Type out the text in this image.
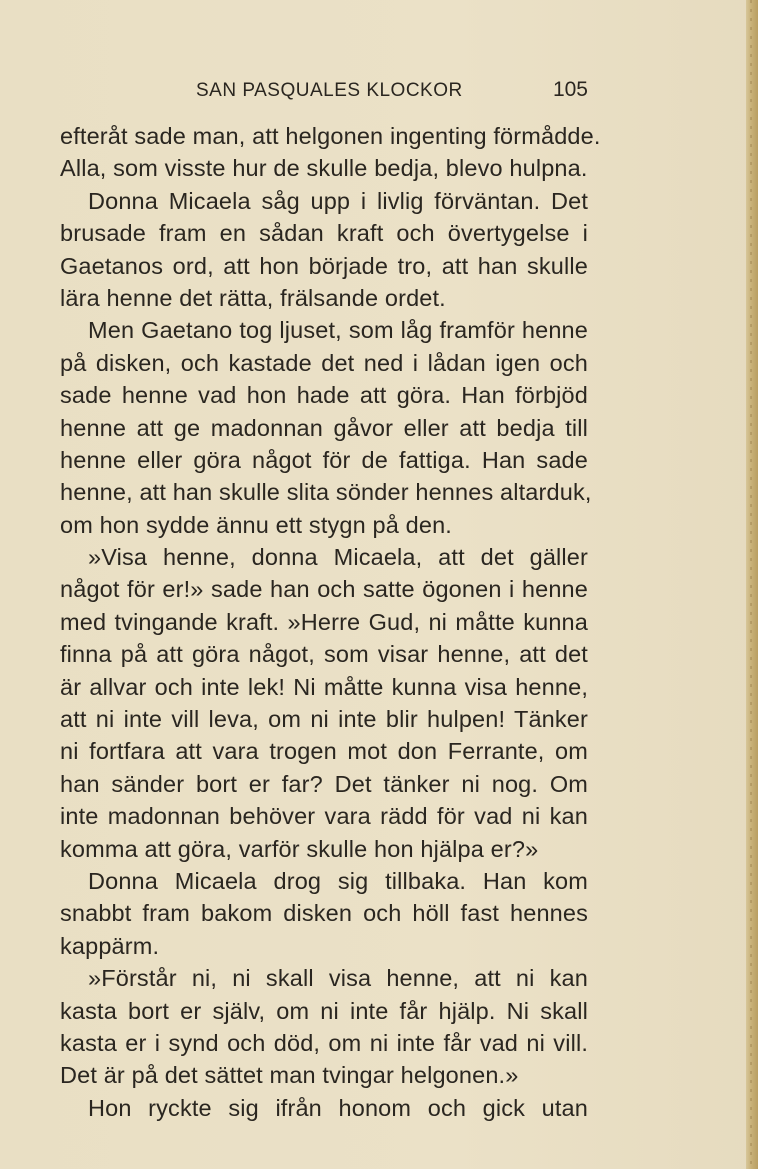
SAN PASQUALES KLOCKOR	105
efteråt sade man, att helgonen ingenting förmådde.
Alla, som visste hur de skulle bedja, blevo hulpna.
Donna Micaela såg upp i livlig förväntan. Det
brusade fram en sådan kraft och övertygelse i
Gaetanos ord, att hon började tro, att han skulle
lära henne det rätta, frälsande ordet.
Men Gaetano tog ljuset, som låg framför henne
på disken, och kastade det ned i lådan igen och
sade henne vad hon hade att göra. Han förbjöd
henne att ge madonnan gåvor eller att bedja till
henne eller göra något för de fattiga. Han sade
henne, att han skulle slita sönder hennes altarduk,
om hon sydde ännu ett stygn på den.
»Visa henne, donna Micaela, att det gäller
något för er!» sade han och satte ögonen i henne
med tvingande kraft. »Herre Gud, ni måtte kunna
finna på att göra något, som visar henne, att det
är allvar och inte lek! Ni måtte kunna visa henne,
att ni inte vill leva, om ni inte blir hulpen! Tänker
ni fortfara att vara trogen mot don Ferrante, om
han sänder bort er far? Det tänker ni nog. Om
inte madonnan behöver vara rädd för vad ni kan
komma att göra, varför skulle hon hjälpa er?»
Donna Micaela drog sig tillbaka. Han kom
snabbt fram bakom disken och höll fast hennes
kappärm.
»Förstår ni, ni skall visa henne, att ni kan
kasta bort er själv, om ni inte får hjälp. Ni skall
kasta er i synd och död, om ni inte får vad ni vill.
Det är på det sättet man tvingar helgonen.»
Hon ryckte sig ifrån honom och gick utan
